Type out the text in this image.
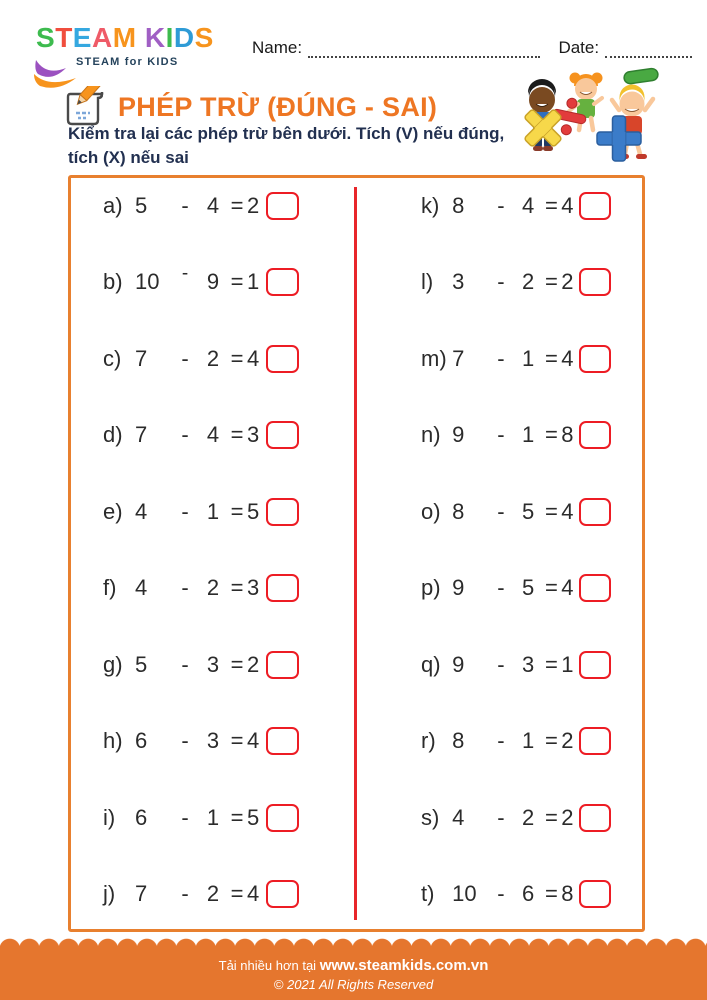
STEAM KIDS
STEAM for KIDS
Name:	Date:
PHÉP TRỪ (ĐÚNG - SAI)
Kiểm tra lại các phép trừ bên dưới. Tích (V) nếu đúng,
tích (X) nếu sai
a) 5	- 4 = 2
b) 10	- 9 = 1
c) 7	- 2 = 4
d) 7	- 4 = 3
e) 4	- 1 = 5
f) 4	- 2 = 3
g) 5	- 3 = 2
h) 6	- 3 = 4
i) 6	- 1 = 5
j) 7	- 2 = 4
k) 8	- 4 = 4
l) 3	- 2 = 2
m) 7	- 1 = 4
n) 9	- 1 = 8
o) 8	- 5 = 4
p) 9	- 5 = 4
q) 9	- 3 = 1
r) 8	- 1 = 2
s) 4	- 2 = 2
t) 10 - 6 = 8
Tải nhiều hơn tại www.steamkids.com.vn
© 2021 All Rights Reserved
